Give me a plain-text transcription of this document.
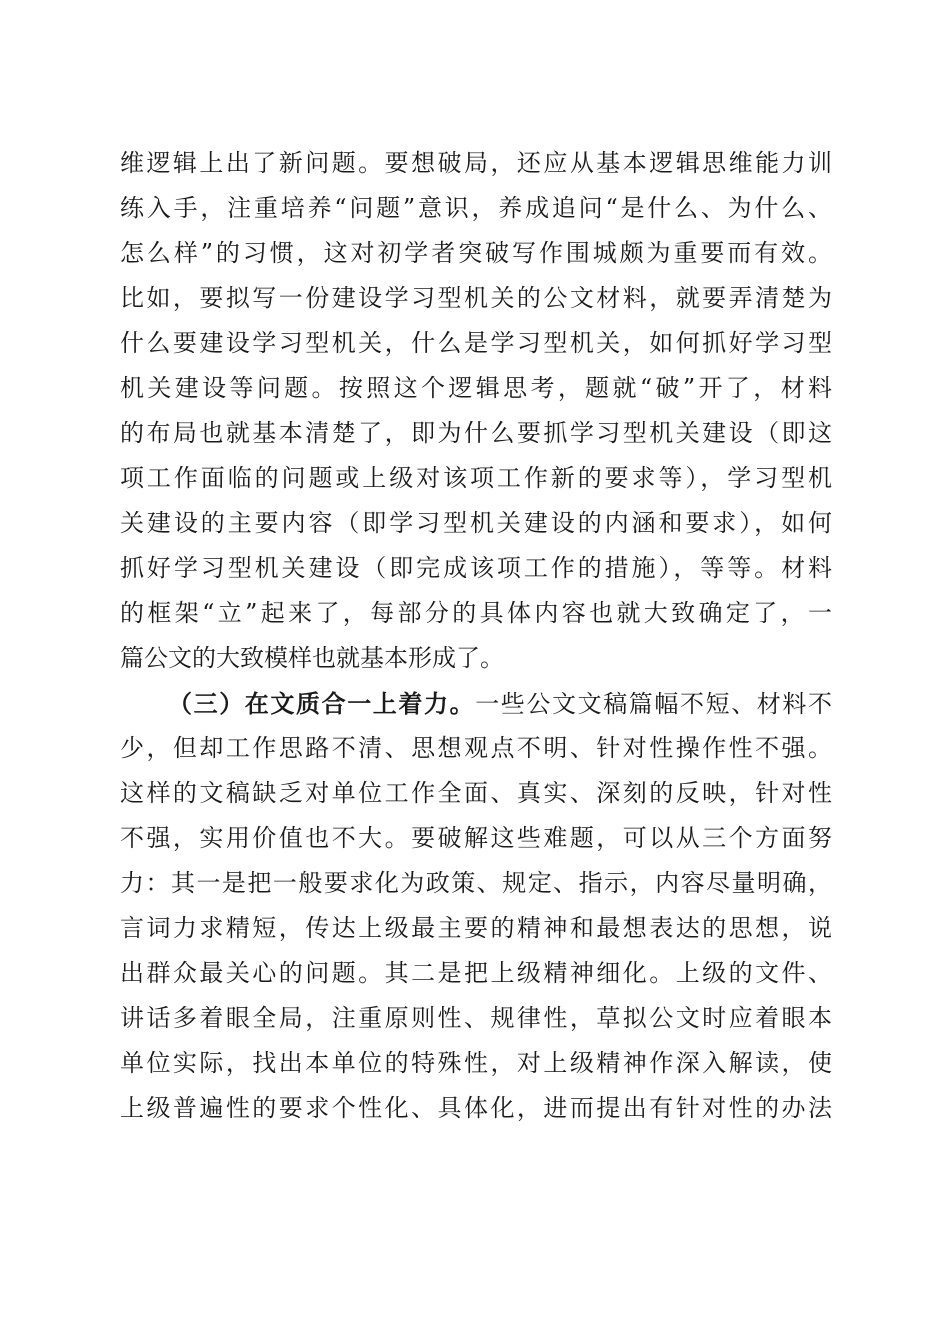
维逻辑上出了新问题。要想破局，还应从基本逻辑思维能力训
练入手，注重培养“问题”意识，养成追问“是什么、为什么、
怎么样”的习惯，这对初学者突破写作围城颇为重要而有效。
比如，要拟写一份建设学习型机关的公文材料，就要弄清楚为
什么要建设学习型机关，什么是学习型机关，如何抓好学习型
机关建设等问题。按照这个逻辑思考，题就“破”开了，材料
的布局也就基本清楚了，即为什么要抓学习型机关建设（即这
项工作面临的问题或上级对该项工作新的要求等），学习型机
关建设的主要内容（即学习型机关建设的内涵和要求），如何
抓好学习型机关建设（即完成该项工作的措施），等等。材料
的框架“立”起来了，每部分的具体内容也就大致确定了，一
篇公文的大致模样也就基本形成了。
（三）在文质合一上着力。一些公文文稿篇幅不短、材料不
少，但却工作思路不清、思想观点不明、针对性操作性不强。
这样的文稿缺乏对单位工作全面、真实、深刻的反映，针对性
不强，实用价值也不大。要破解这些难题，可以从三个方面努
力：其一是把一般要求化为政策、规定、指示，内容尽量明确，
言词力求精短，传达上级最主要的精神和最想表达的思想，说
出群众最关心的问题。其二是把上级精神细化。上级的文件、
讲话多着眼全局，注重原则性、规律性，草拟公文时应着眼本
单位实际，找出本单位的特殊性，对上级精神作深入解读，使
上级普遍性的要求个性化、具体化，进而提出有针对性的办法
